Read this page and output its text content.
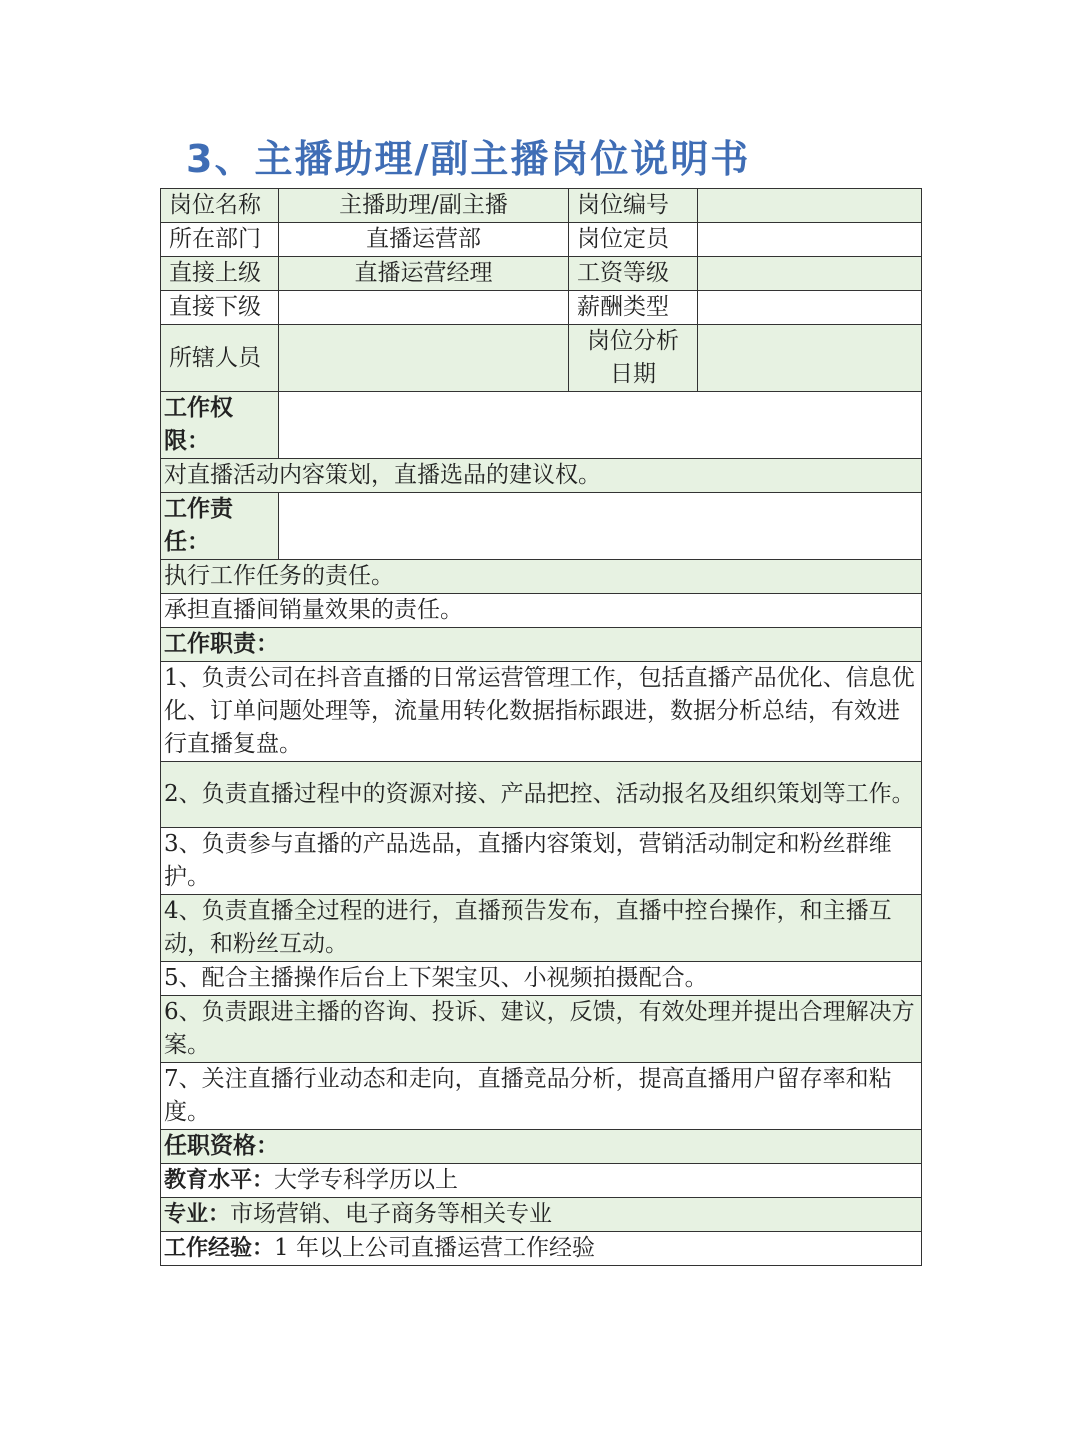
3、主播助理/副主播岗位说明书
岗位名称	主播助理/副主播	岗位编号	
所在部门	直播运营部	岗位定员	
直接上级	直播运营经理	工资等级	
直接下级		薪酬类型	
所辖人员		岗位分析
日期	

工作权限：			
对直播活动内容策划，直播选品的建议权。			
工作责任：			
执行工作任务的责任。			
承担直播间销量效果的责任。			
工作职责：			
1、负责公司在抖音直播的日常运营管理工作，包括直播产品优化、信息优化、订单问题处理等，流量用转化数据指标跟进，数据分析总结，有效进行直播复盘。			
2、负责直播过程中的资源对接、产品把控、活动报名及组织策划等工作。			
3、负责参与直播的产品选品，直播内容策划，营销活动制定和粉丝群维护。			
4、负责直播全过程的进行，直播预告发布，直播中控台操作，和主播互动，和粉丝互动。			
5、配合主播操作后台上下架宝贝、小视频拍摄配合。			
6、负责跟进主播的咨询、投诉、建议，反馈，有效处理并提出合理解决方案。			
7、关注直播行业动态和走向，直播竞品分析，提高直播用户留存率和粘度。			
任职资格：			
教育水平：大学专科学历以上			
专业：市场营销、电子商务等相关专业			
工作经验：1 年以上公司直播运营工作经验			
